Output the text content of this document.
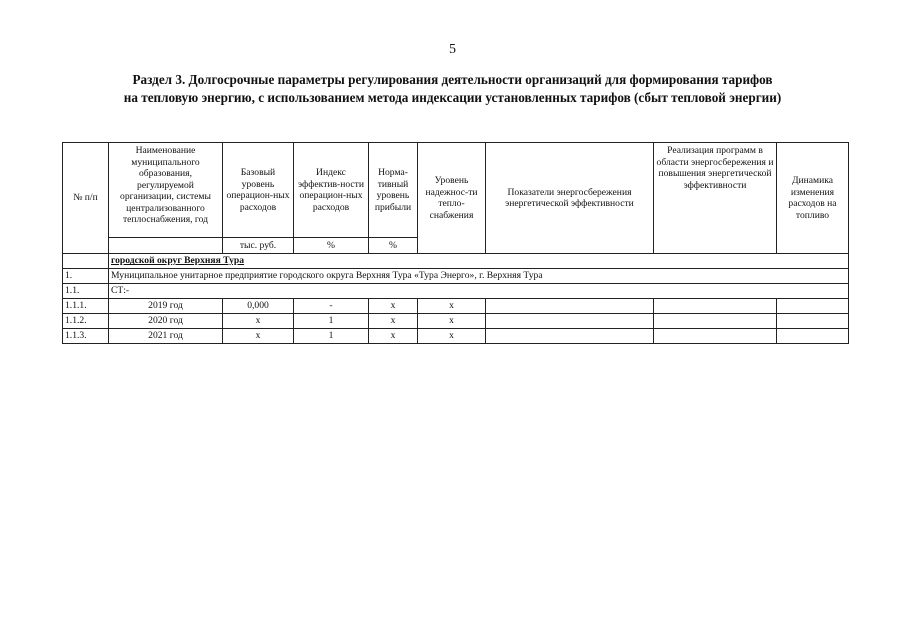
5
Раздел 3. Долгосрочные параметры регулирования деятельности организаций для формирования тарифов
на тепловую энергию, с использованием метода индексации установленных тарифов (сбыт тепловой энергии)
№ п/п	Наименование муниципального образования, регулируемой организации, системы централизованного теплоснабжения, год	Базовый уровень операцион-ных расходов	Индекс эффектив-ности операцион-ных расходов	Норма-тивный уровень прибыли	Уровень надежнос-ти тепло-снабжения	Показатели энергосбережения энергетической эффективности	Реализация программ в области энергосбережения и повышения энергетической эффективности	Динамика изменения расходов на топливо
		тыс. руб.	%	%				
	городской округ Верхняя Тура							
1.	Муниципальное унитарное предприятие городского округа Верхняя Тура «Тура Энерго», г. Верхняя Тура							
1.1.	СТ:-							
1.1.1.	2019 год	0,000	-	х	х			
1.1.2.	2020 год	х	1	х	х			
1.1.3.	2021 год	х	1	х	х			
